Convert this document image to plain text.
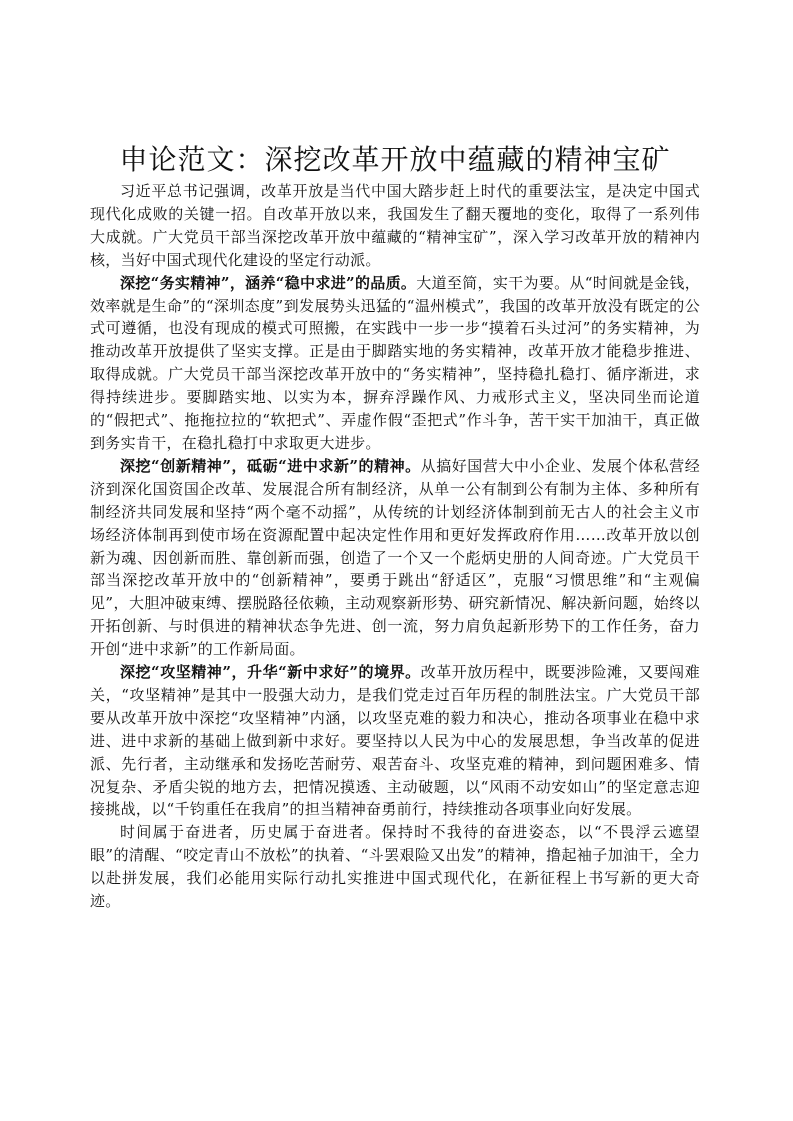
申论范文：深挖改革开放中蕴藏的精神宝矿

习近平总书记强调，改革开放是当代中国大踏步赶上时代的重要法宝，是决定中国式现代化成败的关键一招。自改革开放以来，我国发生了翻天覆地的变化，取得了一系列伟大成就。广大党员干部当深挖改革开放中蕴藏的“精神宝矿”，深入学习改革开放的精神内核，当好中国式现代化建设的坚定行动派。

深挖“务实精神”，涵养“稳中求进”的品质。大道至简，实干为要。从“时间就是金钱，效率就是生命”的“深圳态度”到发展势头迅猛的“温州模式”，我国的改革开放没有既定的公式可遵循，也没有现成的模式可照搬，在实践中一步一步“摸着石头过河”的务实精神，为推动改革开放提供了坚实支撑。正是由于脚踏实地的务实精神，改革开放才能稳步推进、取得成就。广大党员干部当深挖改革开放中的“务实精神”，坚持稳扎稳打、循序渐进，求得持续进步。要脚踏实地、以实为本，摒弃浮躁作风、力戒形式主义，坚决同坐而论道的“假把式”、拖拖拉拉的“软把式”、弄虚作假“歪把式”作斗争，苦干实干加油干，真正做到务实肯干，在稳扎稳打中求取更大进步。

深挖“创新精神”，砥砺“进中求新”的精神。从搞好国营大中小企业、发展个体私营经济到深化国资国企改革、发展混合所有制经济，从单一公有制到公有制为主体、多种所有制经济共同发展和坚持“两个毫不动摇”，从传统的计划经济体制到前无古人的社会主义市场经济体制再到使市场在资源配置中起决定性作用和更好发挥政府作用……改革开放以创新为魂、因创新而胜、靠创新而强，创造了一个又一个彪炳史册的人间奇迹。广大党员干部当深挖改革开放中的“创新精神”，要勇于跳出“舒适区”，克服“习惯思维”和“主观偏见”，大胆冲破束缚、摆脱路径依赖，主动观察新形势、研究新情况、解决新问题，始终以开拓创新、与时俱进的精神状态争先进、创一流，努力肩负起新形势下的工作任务，奋力开创“进中求新”的工作新局面。

深挖“攻坚精神”，升华“新中求好”的境界。改革开放历程中，既要涉险滩，又要闯难关，“攻坚精神”是其中一股强大动力，是我们党走过百年历程的制胜法宝。广大党员干部要从改革开放中深挖“攻坚精神”内涵，以攻坚克难的毅力和决心，推动各项事业在稳中求进、进中求新的基础上做到新中求好。要坚持以人民为中心的发展思想，争当改革的促进派、先行者，主动继承和发扬吃苦耐劳、艰苦奋斗、攻坚克难的精神，到问题困难多、情况复杂、矛盾尖锐的地方去，把情况摸透、主动破题，以“风雨不动安如山”的坚定意志迎接挑战，以“千钧重任在我肩”的担当精神奋勇前行，持续推动各项事业向好发展。

时间属于奋进者，历史属于奋进者。保持时不我待的奋进姿态，以“不畏浮云遮望眼”的清醒、“咬定青山不放松”的执着、“斗罢艰险又出发”的精神，撸起袖子加油干，全力以赴拼发展，我们必能用实际行动扎实推进中国式现代化，在新征程上书写新的更大奇迹。
